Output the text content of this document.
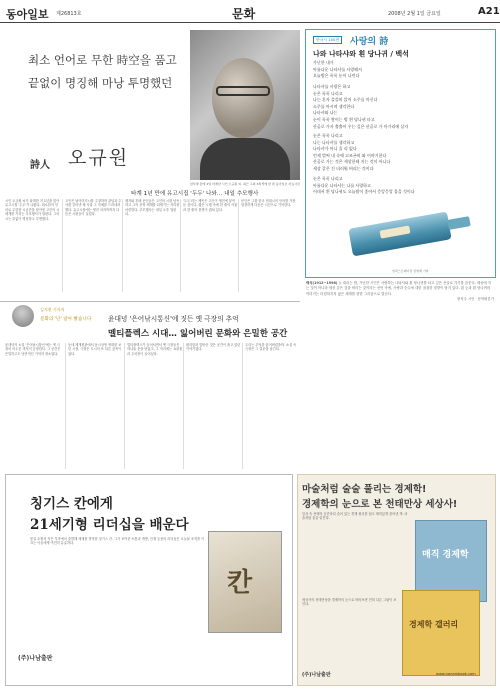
동아일보 제26813호	문화	2008년 2월 1일 금요일	A21
최소 언어로 무한 時空을 품고
끝없이 명징해 마낭 투명했던
詩人 오규원
암투병 끝에 2일 타계한 시인 오규원 씨. 최근 그의 3쪽씩에 한 편 동아일보 자료사진
타계 1년 만에 유고시집 '두두' 나와… 내일 추모행사
시인 오규원 씨가 타계한 지 1년을 맞아 유고시집 '두두'가 나왔다. 최소한의 언어로 무한한 시공간을 담아낸 고인의 시 세계를 기리는 추모행사가 열린다. 그의 시는 끝없이 명징하고 투명했다.
고인은 날이미지시를 주창하며 관념과 수사를 걷어낸 채 사물 그 자체를 드러내려 했다. 유고시집에는 생전 마지막까지 다듬은 시편들이 실렸다.
제자와 후배 문인들은 고인의 시를 낭독하고 그의 문학 세계를 되새기는 자리를 마련한다. 추모행사는 내일 오후 열린다.
'두두'라는 제목은 고인이 생전에 붙여둔 것이다. 짧은 시행 속에 한 줄의 사물과 한 줄의 풍경이 겹쳐 있다.
문단은 그를 한국 현대시의 언어를 가장 엄정하게 다듬은 시인으로 기억한다.
김지현 기자의
문화의 '단' 달아 봤습니다 윤대녕 '은어낚시통신'에 짓든 옛 극장의 추억
멜티플렉스 시대… 잃어버린 문화와 은밀한 공간
윤대녕의 소설 '은어낚시통신'에는 옛 극장의 어두운 객석이 등장한다. 그 공간은 은밀하고도 낭만적인 기억의 장소였다.
동네 재개봉관에서 동시상영 영화를 보던 시절, 극장은 도시의 또 다른 골목이었다.
멀티플렉스가 들어서면서 옛 극장들은 하나둘 문을 닫았고, 그 자리에는 쇼핑몰과 주차장이 들어섰다.
편리함과 맞바꾼 것은 공간이 품고 있던 이야기였다.
우리는 무엇을 잃어버렸을까. 소설 속 극장은 그 질문을 남긴다.
한국시 100편	사랑의 詩
나와 나타샤와 흰 당나귀 / 백석
가난한 내가
아름다운 나타샤를 사랑해서
오늘밤은 푹푹 눈이 나린다
나타샤를 사랑은 하고
눈은 푹푹 나리고
나는 혼자 쓸쓸히 앉어 소주를 마신다
소주를 마시며 생각한다
나타샤와 나는
눈이 푹푹 쌓이는 밤 흰 당나귀 타고
산골로 가자 출출이 우는 깊은 산골로 가 마가리에 살자
눈은 푹푹 나리고
나는 나타샤를 생각하고
나타샤가 아니 올 리 없다
언제 벌써 내 속에 고조곤히 와 이야기한다
산골로 가는 것은 세상한테 지는 것이 아니다
세상 같은 건 더러워 버리는 것이다
눈은 푹푹 나리고
아름다운 나타샤는 나를 사랑하고
어데서 흰 당나귀도 오늘밤이 좋아서 응앙응앙 울을 것이다
일러스트레이션 김영재 기자
백석(1912~1996) 눈 내리는 밤, 가난한 시인은 사랑하는 나타샤와 흰 당나귀를 타고 깊은 산골로 가기를 꿈꾼다. 세상에 지는 것이 아니라 세상 같은 것을 버리는 것이라는 선언 속에, 사랑과 순수에 대한 절절한 열망이 담겨 있다. 흰 눈과 흰 당나귀의 이미지는 더럽혀지지 않은 세계를 향한 그리움으로 빛난다.
장석주 시인 · 문학평론가
칭기스 칸에게
21세기형 리더십을 배운다
몽골 초원의 작은 부족에서 출발해 세계를 경영한 칭기스 칸. 그가 보여준 소통과 개방, 인재 등용의 리더십은 오늘날 조직을 이끄는 이들에게 여전히 유효하다.
칸
(주)나남출판
마술처럼 술술 풀리는 경제학!
경제학의 눈으로 본 천태만상 세상사!
매직 경제학
경제학 갤러리
일상 속 선택의 순간마다 숨어 있는 경제 원리를 쉽고 재미있게 풀어낸 책. 마술처럼 술술 읽힌다.
세상사의 천태만상을 경제학의 눈으로 바라보면 전혀 다른 그림이 보인다.
(주)나남출판	www.nanambook.com
